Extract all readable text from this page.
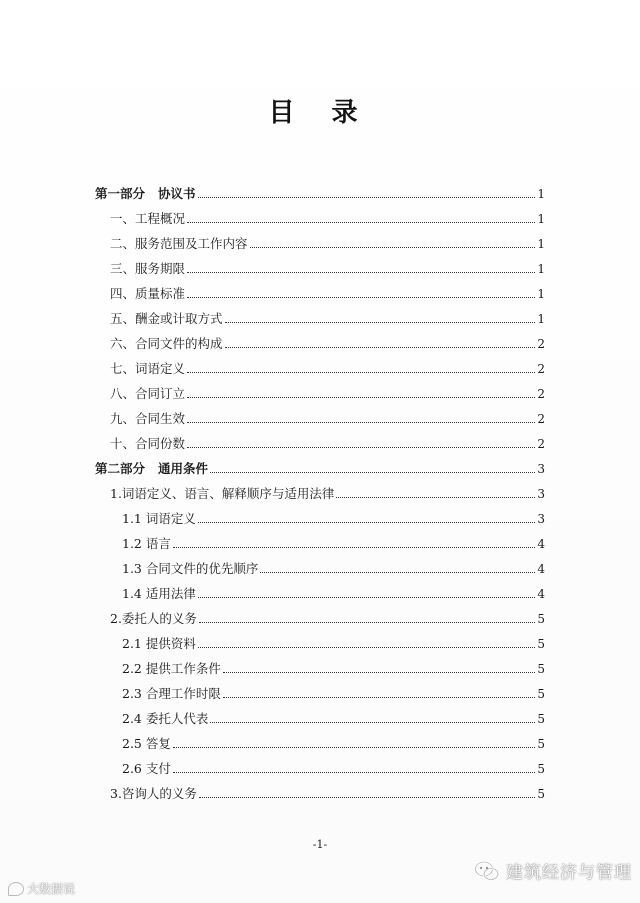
目 录
第一部分   协议书	1
一、工程概况	1
二、服务范围及工作内容	1
三、服务期限	1
四、质量标准	1
五、酬金或计取方式	1
六、合同文件的构成	2
七、词语定义	2
八、合同订立	2
九、合同生效	2
十、合同份数	2
第二部分   通用条件	3
1.词语定义、语言、解释顺序与适用法律	3
1.1 词语定义	3
1.2 语言	4
1.3 合同文件的优先顺序	4
1.4 适用法律	4
2.委托人的义务	5
2.1 提供资料	5
2.2 提供工作条件	5
2.3 合理工作时限	5
2.4 委托人代表	5
2.5 答复	5
2.6 支付	5
3.咨询人的义务	5
-1-
大数据说
建筑经济与管理
